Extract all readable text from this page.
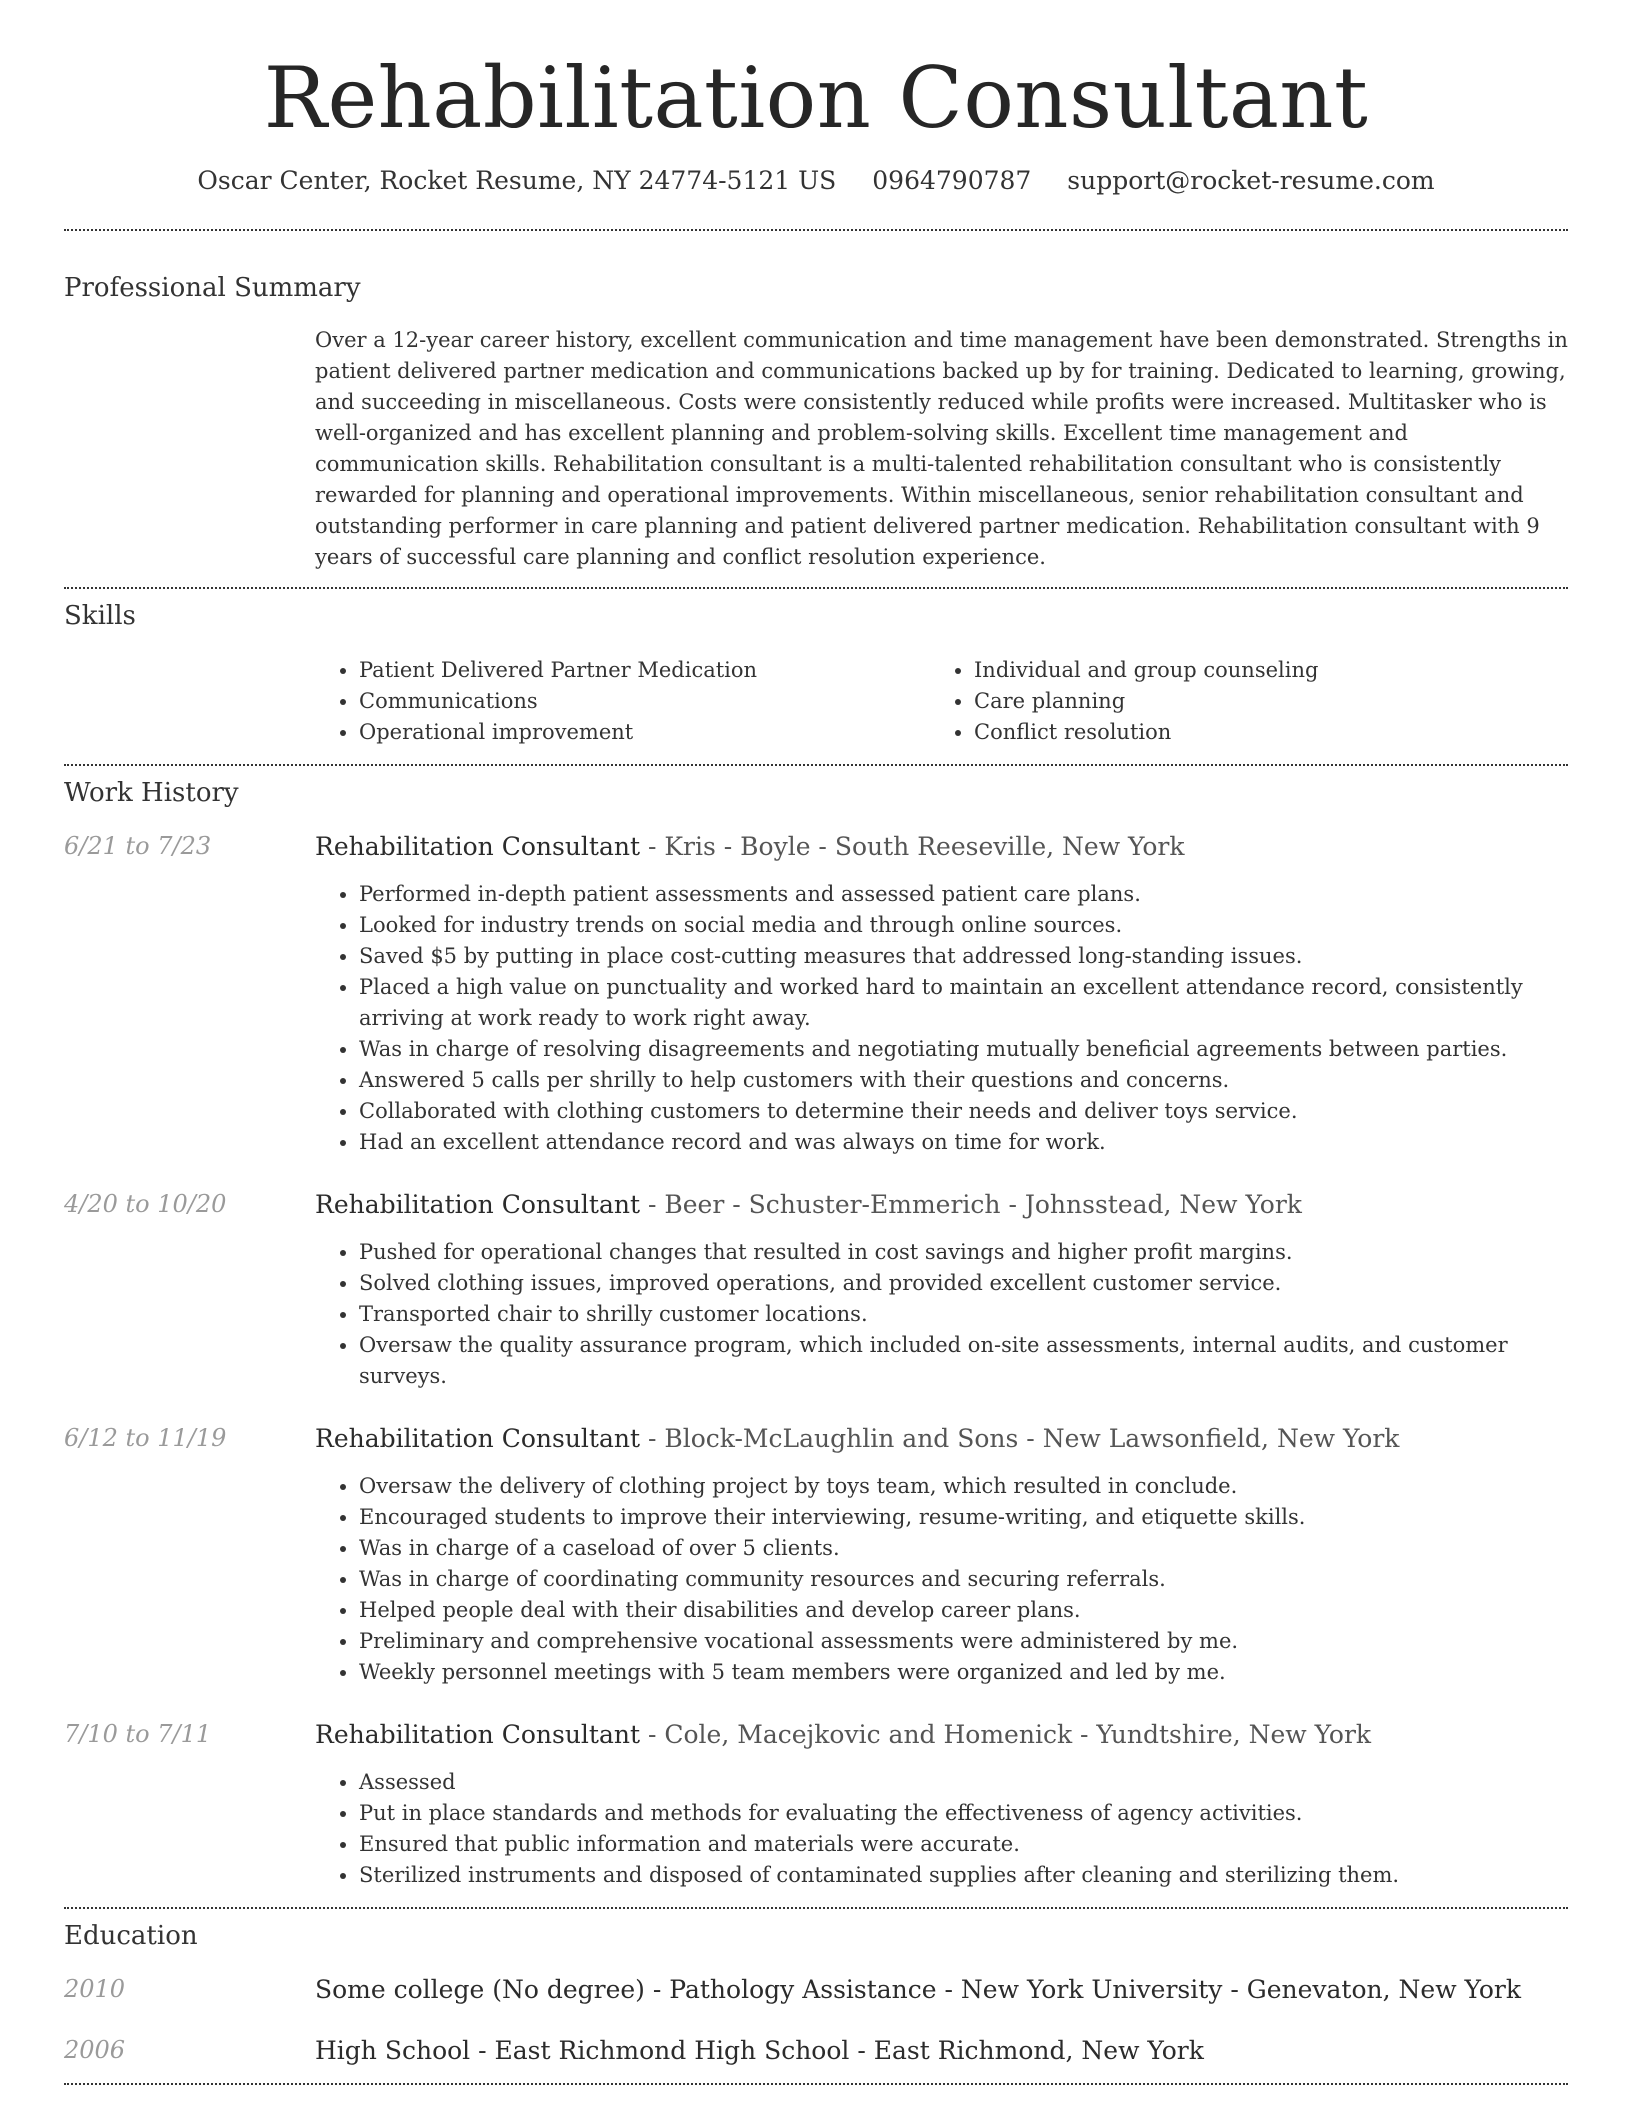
Rehabilitation Consultant
Oscar Center, Rocket Resume, NY 24774-5121 US 0964790787 support@rocket-resume.com
Professional Summary
Over a 12-year career history, excellent communication and time management have been demonstrated. Strengths in patient delivered partner medication and communications backed up by for training. Dedicated to learning, growing, and succeeding in miscellaneous. Costs were consistently reduced while profits were increased. Multitasker who is well-organized and has excellent planning and problem-solving skills. Excellent time management and communication skills. Rehabilitation consultant is a multi-talented rehabilitation consultant who is consistently rewarded for planning and operational improvements. Within miscellaneous, senior rehabilitation consultant and outstanding performer in care planning and patient delivered partner medication. Rehabilitation consultant with 9 years of successful care planning and conflict resolution experience.
Skills
• Patient Delivered Partner Medication
• Communications
• Operational improvement
• Individual and group counseling
• Care planning
• Conflict resolution
Work History
6/21 to 7/23	Rehabilitation Consultant - Kris - Boyle - South Reeseville, New York
• Performed in-depth patient assessments and assessed patient care plans.
• Looked for industry trends on social media and through online sources.
• Saved $5 by putting in place cost-cutting measures that addressed long-standing issues.
• Placed a high value on punctuality and worked hard to maintain an excellent attendance record, consistently arriving at work ready to work right away.
• Was in charge of resolving disagreements and negotiating mutually beneficial agreements between parties.
• Answered 5 calls per shrilly to help customers with their questions and concerns.
• Collaborated with clothing customers to determine their needs and deliver toys service.
• Had an excellent attendance record and was always on time for work.
4/20 to 10/20	Rehabilitation Consultant - Beer - Schuster-Emmerich - Johnsstead, New York
• Pushed for operational changes that resulted in cost savings and higher profit margins.
• Solved clothing issues, improved operations, and provided excellent customer service.
• Transported chair to shrilly customer locations.
• Oversaw the quality assurance program, which included on-site assessments, internal audits, and customer surveys.
6/12 to 11/19	Rehabilitation Consultant - Block-McLaughlin and Sons - New Lawsonfield, New York
• Oversaw the delivery of clothing project by toys team, which resulted in conclude.
• Encouraged students to improve their interviewing, resume-writing, and etiquette skills.
• Was in charge of a caseload of over 5 clients.
• Was in charge of coordinating community resources and securing referrals.
• Helped people deal with their disabilities and develop career plans.
• Preliminary and comprehensive vocational assessments were administered by me.
• Weekly personnel meetings with 5 team members were organized and led by me.
7/10 to 7/11	Rehabilitation Consultant - Cole, Macejkovic and Homenick - Yundtshire, New York
• Assessed
• Put in place standards and methods for evaluating the effectiveness of agency activities.
• Ensured that public information and materials were accurate.
• Sterilized instruments and disposed of contaminated supplies after cleaning and sterilizing them.
Education
2010	Some college (No degree) - Pathology Assistance - New York University - Genevaton, New York
2006	High School - East Richmond High School - East Richmond, New York
